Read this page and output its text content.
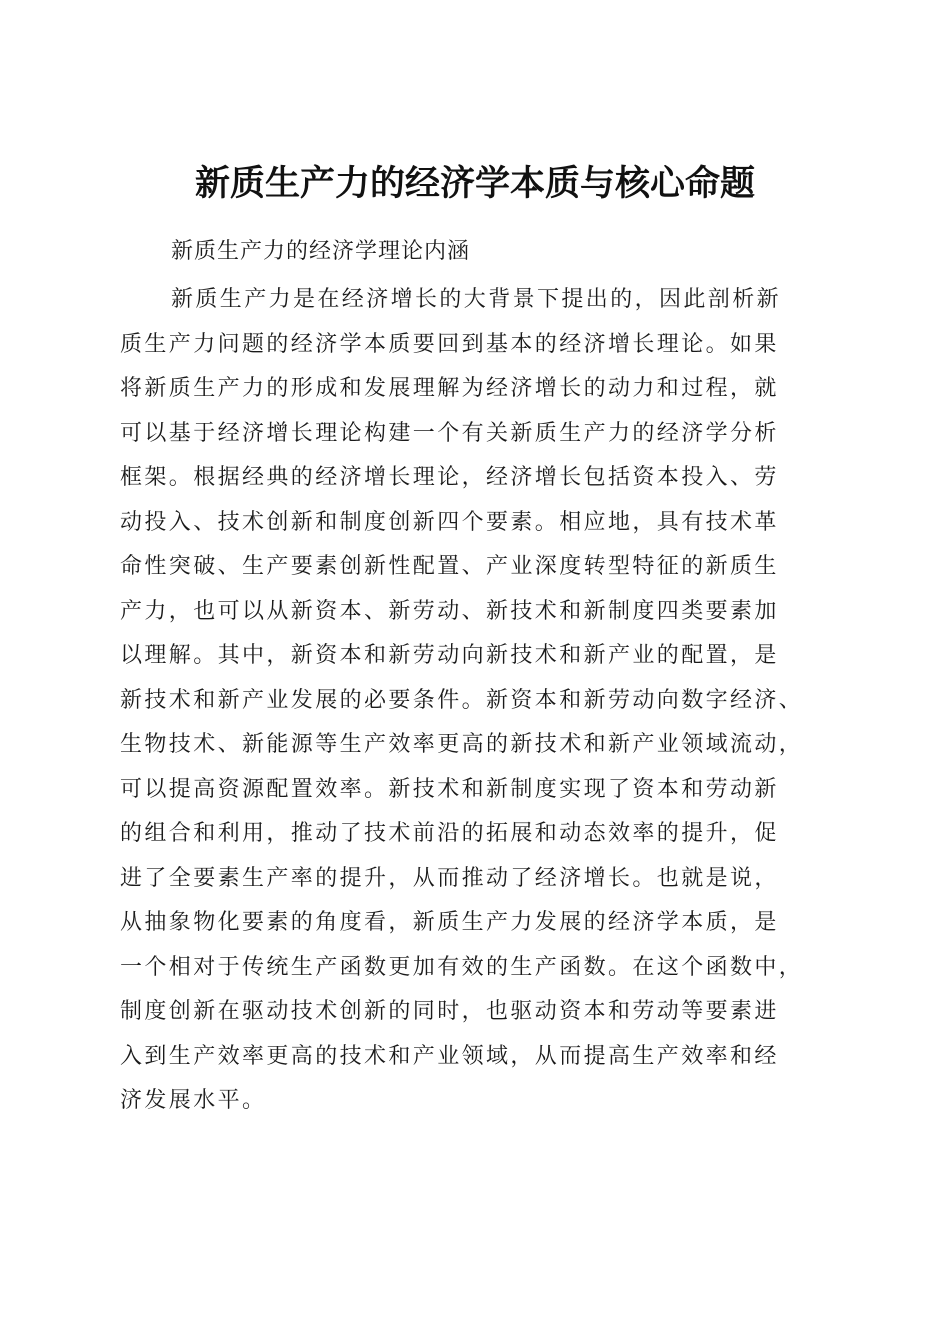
新质生产力的经济学本质与核心命题
新质生产力的经济学理论内涵
新质生产力是在经济增长的大背景下提出的，因此剖析新
质生产力问题的经济学本质要回到基本的经济增长理论。如果
将新质生产力的形成和发展理解为经济增长的动力和过程，就
可以基于经济增长理论构建一个有关新质生产力的经济学分析
框架。根据经典的经济增长理论，经济增长包括资本投入、劳
动投入、技术创新和制度创新四个要素。相应地，具有技术革
命性突破、生产要素创新性配置、产业深度转型特征的新质生
产力，也可以从新资本、新劳动、新技术和新制度四类要素加
以理解。其中，新资本和新劳动向新技术和新产业的配置，是
新技术和新产业发展的必要条件。新资本和新劳动向数字经济、
生物技术、新能源等生产效率更高的新技术和新产业领域流动，
可以提高资源配置效率。新技术和新制度实现了资本和劳动新
的组合和利用，推动了技术前沿的拓展和动态效率的提升，促
进了全要素生产率的提升，从而推动了经济增长。也就是说，
从抽象物化要素的角度看，新质生产力发展的经济学本质，是
一个相对于传统生产函数更加有效的生产函数。在这个函数中，
制度创新在驱动技术创新的同时，也驱动资本和劳动等要素进
入到生产效率更高的技术和产业领域，从而提高生产效率和经
济发展水平。
